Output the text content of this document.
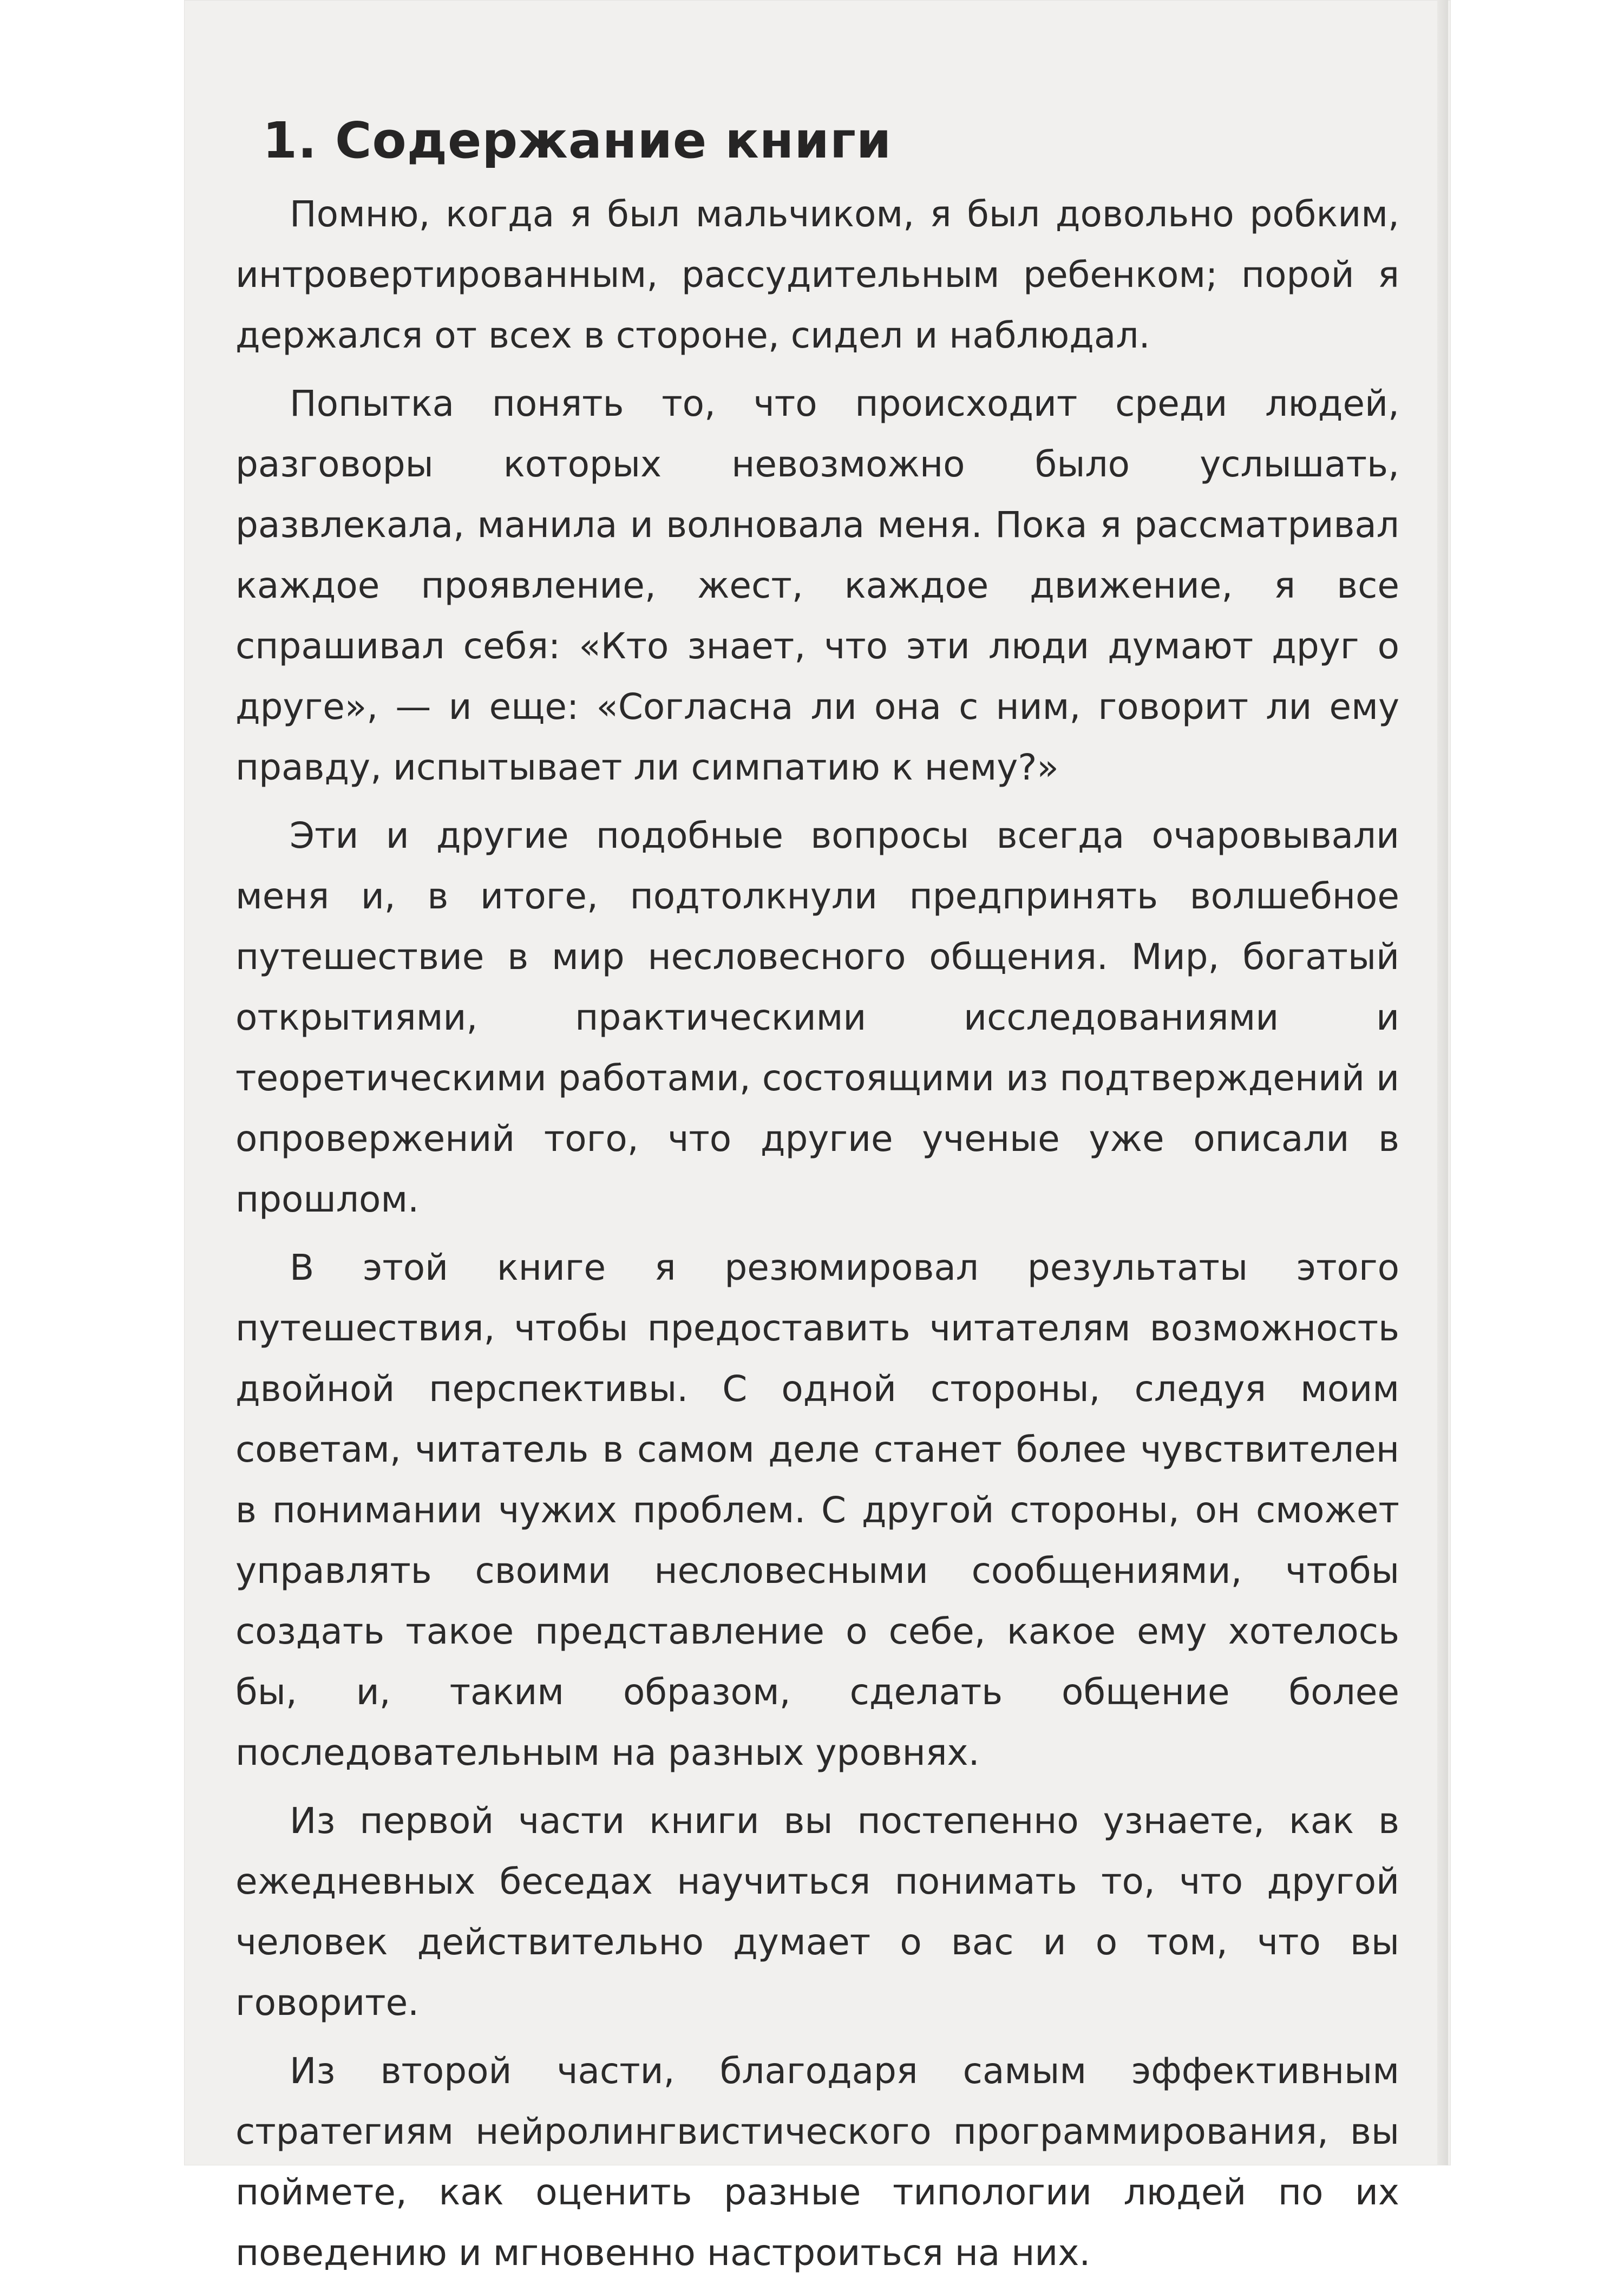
1. Содержание книги

Помню, когда я был мальчиком, я был довольно робким, интровертированным, рассудительным ребенком; порой я держался от всех в стороне, сидел и наблюдал.

Попытка понять то, что происходит среди людей, разговоры которых невозможно было услышать, развлекала, манила и волновала меня. Пока я рассматривал каждое проявление, жест, каждое движение, я все спрашивал себя: «Кто знает, что эти люди думают друг о друге», — и еще: «Согласна ли она с ним, говорит ли ему правду, испытывает ли симпатию к нему?»

Эти и другие подобные вопросы всегда очаровывали меня и, в итоге, подтолкнули предпринять волшебное путешествие в мир несловесного общения. Мир, богатый открытиями, практическими исследованиями и теоретическими работами, состоящими из подтверждений и опровержений того, что другие ученые уже описали в прошлом.

В этой книге я резюмировал результаты этого путешествия, чтобы предоставить читателям возможность двойной перспективы. С одной стороны, следуя моим советам, читатель в самом деле станет более чувствителен в понимании чужих проблем. С другой стороны, он сможет управлять своими несловесными сообщениями, чтобы создать такое представление о себе, какое ему хотелось бы, и, таким образом, сделать общение более последовательным на разных уровнях.

Из первой части книги вы постепенно узнаете, как в ежедневных беседах научиться понимать то, что другой человек действительно думает о вас и о том, что вы говорите.

Из второй части, благодаря самым эффективным стратегиям нейролингвистического программирования, вы поймете, как оценить разные типологии людей по их поведению и мгновенно настроиться на них.
